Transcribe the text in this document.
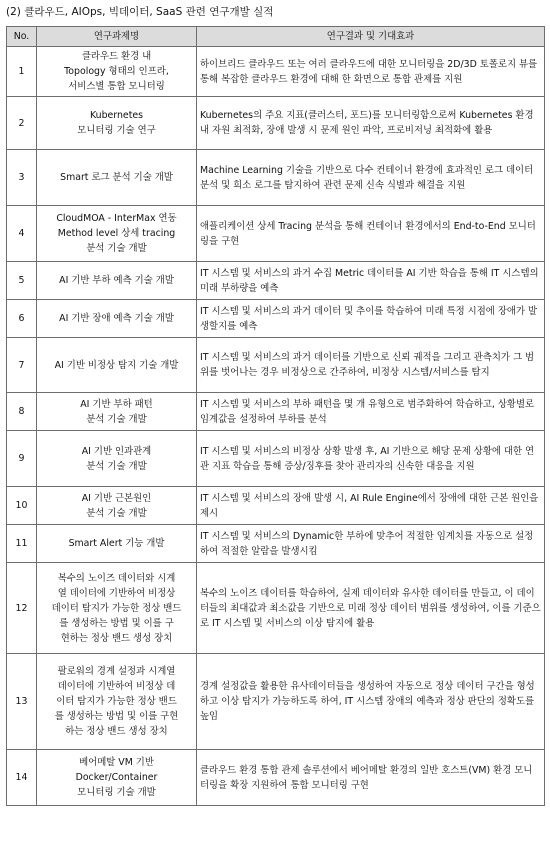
(2) 클라우드, AIOps, 빅데이터, SaaS 관련 연구개발 실적
No.	연구과제명	연구결과 및 기대효과
1	클라우드 환경 내
Topology 형태의 인프라,
서비스별 통합 모니터링	하이브리드 클라우드 또는 여러 클라우드에 대한 모니터링을 2D/3D 토폴로지 뷰를 통해 복잡한 클라우드 환경에 대해 한 화면으로 통합 관제를 지원
2	Kubernetes
모니터링 기술 연구	Kubernetes의 주요 지표(클러스터, 포드)를 모니터링함으로써 Kubernetes 환경 내 자원 최적화, 장애 발생 시 문제 원인 파악, 프로비저닝 최적화에 활용
3	Smart 로그 분석 기술 개발	Machine Learning 기술을 기반으로 다수 컨테이너 환경에 효과적인 로그 데이터 분석 및 희소 로그를 탐지하여 관련 문제 신속 식별과 해결을 지원
4	CloudMOA - InterMax 연동
Method level 상세 tracing
분석 기술 개발	애플리케이션 상세 Tracing 분석을 통해 컨테이너 환경에서의 End-to-End 모니터링을 구현
5	AI 기반 부하 예측 기술 개발	IT 시스템 및 서비스의 과거 수집 Metric 데이터를 AI 기반 학습을 통해 IT 시스템의 미래 부하량을 예측
6	AI 기반 장애 예측 기술 개발	IT 시스템 및 서비스의 과거 데이터 및 추이를 학습하여 미래 특정 시점에 장애가 발생할지를 예측
7	AI 기반 비정상 탐지 기술 개발	IT 시스템 및 서비스의 과거 데이터를 기반으로 신뢰 궤적을 그리고 관측치가 그 범위를 벗어나는 경우 비정상으로 간주하여, 비정상 시스템/서비스를 탐지
8	AI 기반 부하 패턴
분석 기술 개발	IT 시스템 및 서비스의 부하 패턴을 몇 개 유형으로 범주화하여 학습하고, 상황별로 임계값을 설정하여 부하를 분석
9	AI 기반 인과관계
분석 기술 개발	IT 시스템 및 서비스의 비정상 상황 발생 후, AI 기반으로 해당 문제 상황에 대한 연관 지표 학습을 통해 증상/징후를 찾아 관리자의 신속한 대응을 지원
10	AI 기반 근본원인
분석 기술 개발	IT 시스템 및 서비스의 장애 발생 시, AI Rule Engine에서 장애에 대한 근본 원인을 제시
11	Smart Alert 기능 개발	IT 시스템 및 서비스의 Dynamic한 부하에 맞추어 적절한 임계치를 자동으로 설정하여 적절한 알람을 발생시킴
12	복수의 노이즈 데이터와 시계
열 데이터에 기반하여 비정상
데이터 탐지가 가능한 정상 밴드
를 생성하는 방법 및 이를 구
현하는 정상 밴드 생성 장치	복수의 노이즈 데이터를 학습하여, 실제 데이터와 유사한 데이터를 만들고, 이 데이터들의 최대값과 최소값을 기반으로 미래 정상 데이터 범위를 생성하여, 이를 기준으로 IT 시스템 및 서비스의 이상 탐지에 활용
13	팔로워의 경계 설정과 시계열
데이터에 기반하여 비정상 데
이터 탐지가 가능한 정상 밴드
를 생성하는 방법 및 이를 구현
하는 정상 밴드 생성 장치	경계 설정값을 활용한 유사데이터들을 생성하여 자동으로 정상 데이터 구간을 형성하고 이상 탐지가 가능하도록 하여, IT 시스템 장애의 예측과 정상 판단의 정확도를 높임
14	베어메탈 VM 기반
Docker/Container
모니터링 기술 개발	클라우드 환경 통합 관제 솔루션에서 베어메탈 환경의 일반 호스트(VM) 환경 모니터링을 확장 지원하여 통합 모니터링 구현
